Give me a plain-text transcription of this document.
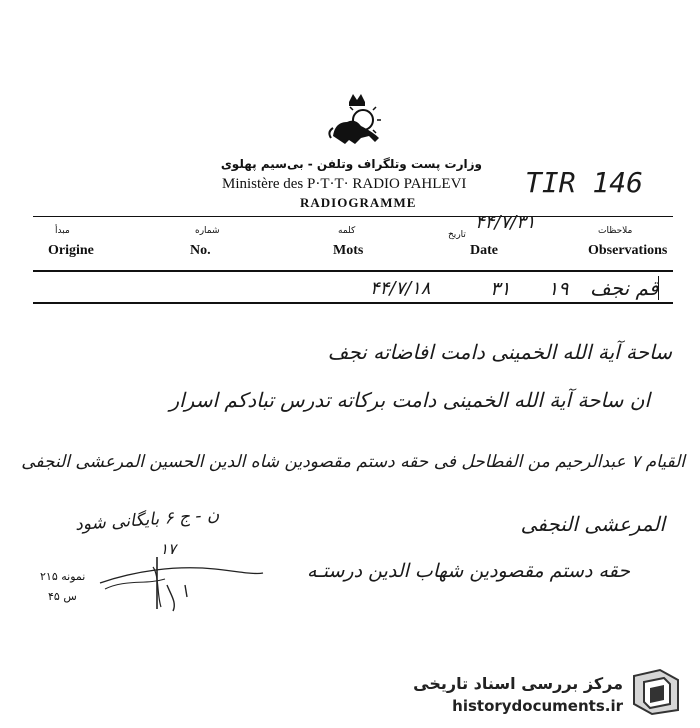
وزارت پست وتلگراف وتلفن - بی‌سیم پهلوی
Ministère des P·T·T· RADIO PAHLEVI
RADIOGRAMME
TIR 146
مبدأ
Origine
شماره
No.
کلمه
Mots
تاریخ
Date
ملاحظات
Observations
۴۴/۷/۳۱
قم نجف
۱۹
۳۱
۴۴/۷/۱۸
ساحة آیة الله الخمینی دامت افاضاته نجف
ان ساحة آیة الله الخمینی دامت برکاته تدرس تبادکم اسرار
القیام ۷ عبدالرحیم من الفطاحل فی حقه دستم مقصودین شاه الدین الحسین المرعشی النجفی
المرعشی النجفی
حقه دستم مقصودین شهاب الدین درستـه
ن - ج ۶ بایگانی شود
۱۷
نمونه ۲۱۵
س ۴۵
مرکز بررسی اسناد تاریخی
historydocuments.ir
